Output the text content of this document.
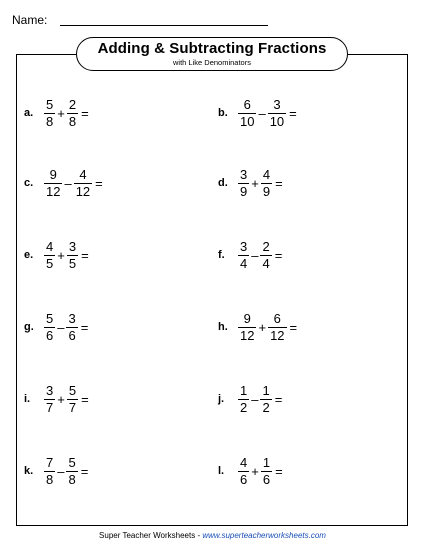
Name:
Adding & Subtracting Fractions
with Like Denominators
a. $\frac{5}{8} + \frac{2}{8}$ =
c. $\frac{9}{12} - \frac{4}{12}$ =
e. $\frac{4}{5} + \frac{3}{5}$ =
g. $\frac{5}{6} - \frac{3}{6}$ =
i.	$\frac{3}{7} + \frac{5}{7}$ =
k. $\frac{7}{8} - \frac{5}{8}$ =
b. $\frac{6}{10} - \frac{3}{10}$ =
d. $\frac{3}{9} + \frac{4}{9}$ =
f.	$\frac{3}{4} - \frac{2}{4}$ =
h. $\frac{9}{12} + \frac{6}{12}$ =
j.	$\frac{1}{2} - \frac{1}{2}$ =
l.	$\frac{4}{6} + \frac{1}{6}$ =
Super Teacher Worksheets - www.superteacherworksheets.com
